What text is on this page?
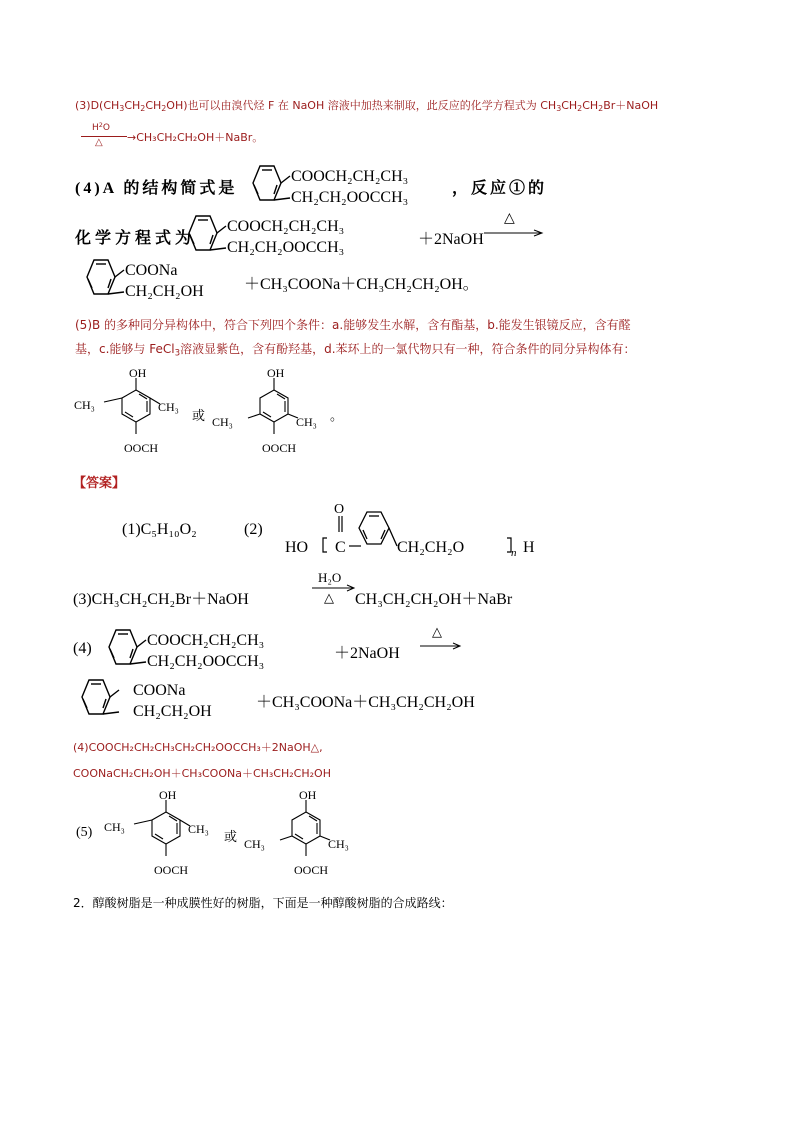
$(3)D(CH_3CH_2CH_2OH)$也可以由溴代烃 F 在 NaOH 溶液中加热来制取，此反应的化学方程式为 $CH_3CH_2CH_2Br+NaOH$
$H^2O$
△ →CH₃CH₂CH₂OH＋NaBr。
(4)A 的结构简式是
COOCH₂CH₂CH₃
CH₂CH₂OOCCH₃
，反应①的
化学方程式为
COOCH₂CH₂CH₃
CH₂CH₂OOCCH₃	＋2NaOH
△
COONa
CH₂CH₂OH	＋CH₃COONa＋CH₃CH₂CH₂OH。
(5)B 的多种同分异构体中，符合下列四个条件：a.能够发生水解，含有酯基，b.能发生银镜反应，含有醛
基，c.能够与 FeCl$_3$溶液显紫色，含有酚羟基，d.苯环上的一氯代物只有一种，符合条件的同分异构体有：
OH
CH₃	CH₃
OOCH
或
OH
CH₃	CH₃
OOCH
。
【答案】
(1)C₅H₁₀O₂	(2)
HO
O
C	CH₂CH₂O	n H
(3)CH₃CH₂CH₂Br＋NaOH
H₂O
△ CH₃CH₂CH₂OH＋NaBr
(4)	COOCH₂CH₂CH₃
CH₂CH₂OOCCH₃	＋2NaOH
△
COONa
CH₂CH₂OH
＋CH₃COONa＋CH₃CH₂CH₂OH
(4)COOCH₂CH₂CH₃CH₂CH₂OOCCH₃＋2NaOH△,
COONaCH₂CH₂OH＋CH₃COONa＋CH₃CH₂CH₂OH
(5)
OH
CH₃	CH₃
OOCH
或
OH
CH₃	CH₃
OOCH
2．醇酸树脂是一种成膜性好的树脂，下面是一种醇酸树脂的合成路线：
